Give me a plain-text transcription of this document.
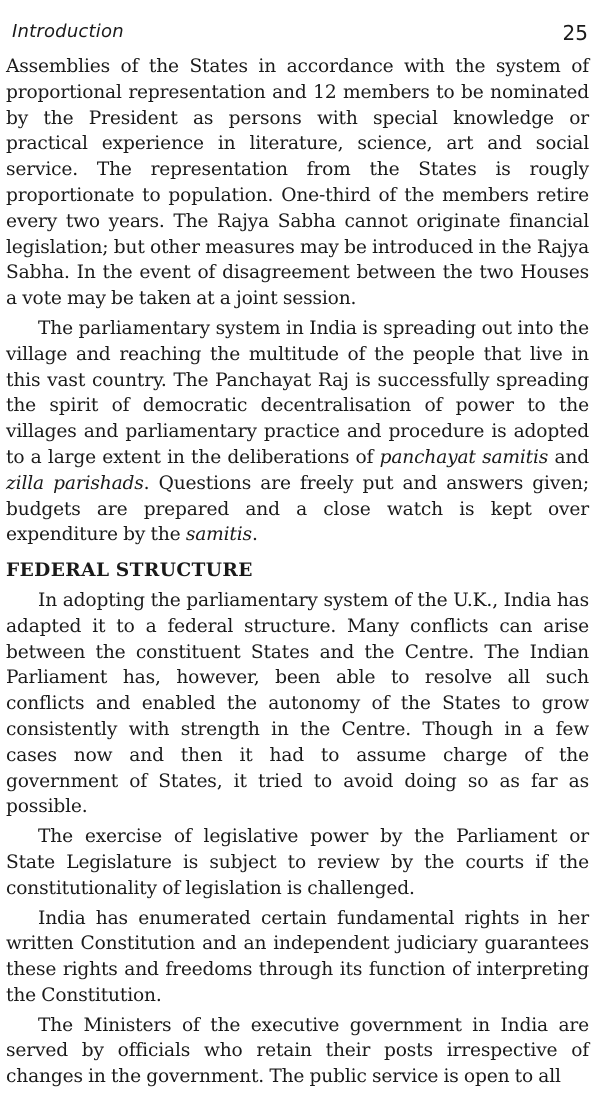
Introduction	25

Assemblies of the States in accordance with the system of proportional representation and 12 members to be nominated by the President as persons with special knowledge or practical experience in literature, science, art and social service. The representation from the States is rougly proportionate to population. One-third of the members retire every two years. The Rajya Sabha cannot originate financial legislation; but other measures may be introduced in the Rajya Sabha. In the event of disagreement between the two Houses a vote may be taken at a joint session.

The parliamentary system in India is spreading out into the village and reaching the multitude of the people that live in this vast country. The Panchayat Raj is successfully spreading the spirit of democratic decentralisation of power to the villages and parliamentary practice and procedure is adopted to a large extent in the deliberations of panchayat samitis and zilla parishads. Questions are freely put and answers given; budgets are prepared and a close watch is kept over expenditure by the samitis.

FEDERAL STRUCTURE

In adopting the parliamentary system of the U.K., India has adapted it to a federal structure. Many conflicts can arise between the constituent States and the Centre. The Indian Parliament has, however, been able to resolve all such conflicts and enabled the autonomy of the States to grow consistently with strength in the Centre. Though in a few cases now and then it had to assume charge of the government of States, it tried to avoid doing so as far as possible.

The exercise of legislative power by the Parliament or State Legislature is subject to review by the courts if the constitutionality of legislation is challenged.

India has enumerated certain fundamental rights in her written Constitution and an independent judiciary guarantees these rights and freedoms through its function of interpreting the Constitution.

The Ministers of the executive government in India are served by officials who retain their posts irrespective of changes in the government. The public service is open to all
